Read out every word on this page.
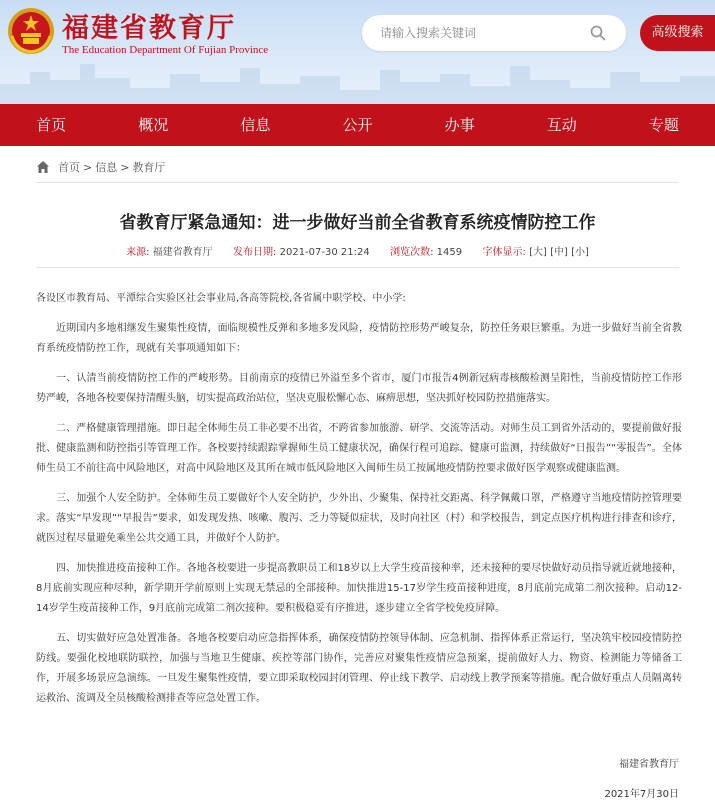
福建省教育厅
The Education Department Of Fujian Province
请输入搜索关键词
高级搜索
首页	概况	信息	公开	办事	互动	专题
首页 > 信息 > 教育厅
省教育厅紧急通知：进一步做好当前全省教育系统疫情防控工作
来源: 福建省教育厅 发布日期: 2021-07-30 21:24 浏览次数: 1459 字体显示: [大] [中] [小]

各设区市教育局、平潭综合实验区社会事业局,各高等院校,各省属中职学校、中小学:

近期国内多地相继发生聚集性疫情，面临规模性反弹和多地多发风险，疫情防控形势严峻复杂，防控任务艰巨繁重。为进一步做好当前全省教育系统疫情防控工作，现就有关事项通知如下：

一、认清当前疫情防控工作的严峻形势。目前南京的疫情已外溢至多个省市，厦门市报告4例新冠病毒核酸检测呈阳性，当前疫情防控工作形势严峻，各地各校要保持清醒头脑，切实提高政治站位，坚决克服松懈心态、麻痹思想，坚决抓好校园防控措施落实。

二、严格健康管理措施。即日起全体师生员工非必要不出省，不跨省参加旅游、研学、交流等活动。对师生员工到省外活动的，要提前做好报批、健康监测和防控指引等管理工作。各校要持续跟踪掌握师生员工健康状况，确保行程可追踪、健康可监测，持续做好“日报告”“零报告”。全体师生员工不前往高中风险地区，对高中风险地区及其所在城市低风险地区入闽师生员工按属地疫情防控要求做好医学观察或健康监测。

三、加强个人安全防护。全体师生员工要做好个人安全防护，少外出、少聚集、保持社交距离、科学佩戴口罩，严格遵守当地疫情防控管理要求。落实“早发现”“早报告”要求，如发现发热、咳嗽、腹泻、乏力等疑似症状，及时向社区（村）和学校报告，到定点医疗机构进行排查和诊疗，就医过程尽量避免乘坐公共交通工具，并做好个人防护。

四、加快推进疫苗接种工作。各地各校要进一步提高教职员工和18岁以上大学生疫苗接种率，还未接种的要尽快做好动员指导就近就地接种，8月底前实现应种尽种，新学期开学前原则上实现无禁忌的全部接种。加快推进15-17岁学生疫苗接种进度，8月底前完成第二剂次接种。启动12-14岁学生疫苗接种工作，9月底前完成第二剂次接种。要积极稳妥有序推进，逐步建立全省学校免疫屏障。

五、切实做好应急处置准备。各地各校要启动应急指挥体系，确保疫情防控领导体制、应急机制、指挥体系正常运行，坚决筑牢校园疫情防控防线。要强化校地联防联控，加强与当地卫生健康、疾控等部门协作，完善应对聚集性疫情应急预案，提前做好人力、物资、检测能力等储备工作，开展多场景应急演练。一旦发生聚集性疫情，要立即采取校园封闭管理、停止线下教学、启动线上教学预案等措施。配合做好重点人员隔离转运救治、流调及全员核酸检测排查等应急处置工作。

福建省教育厅
2021年7月30日
